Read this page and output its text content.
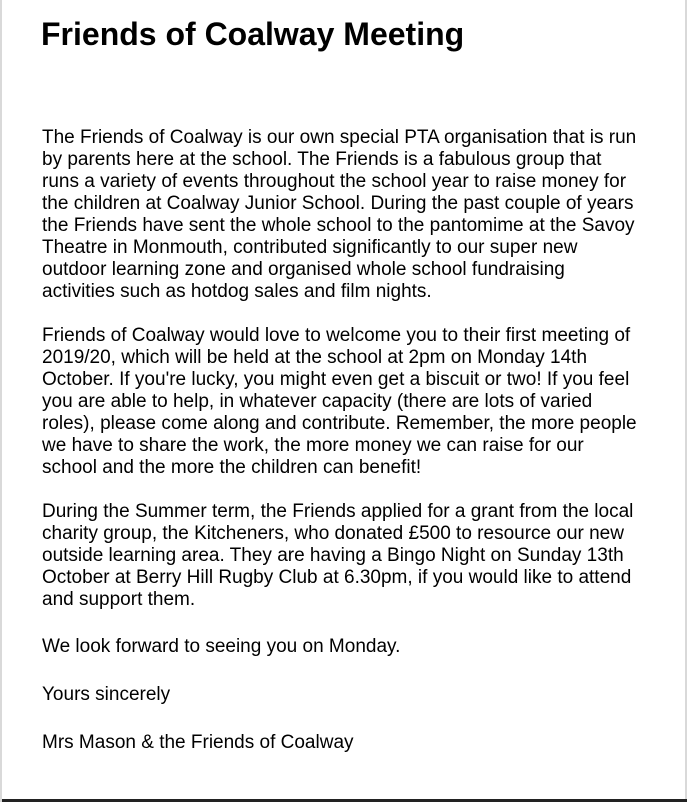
Friends of Coalway Meeting

The Friends of Coalway is our own special PTA organisation that is run by parents here at the school. The Friends is a fabulous group that runs a variety of events throughout the school year to raise money for the children at Coalway Junior School. During the past couple of years the Friends have sent the whole school to the pantomime at the Savoy Theatre in Monmouth, contributed significantly to our super new outdoor learning zone and organised whole school fundraising activities such as hotdog sales and film nights.

Friends of Coalway would love to welcome you to their first meeting of 2019/20, which will be held at the school at 2pm on Monday 14th October. If you're lucky, you might even get a biscuit or two! If you feel you are able to help, in whatever capacity (there are lots of varied roles), please come along and contribute. Remember, the more people we have to share the work, the more money we can raise for our school and the more the children can benefit!

During the Summer term, the Friends applied for a grant from the local charity group, the Kitcheners, who donated £500 to resource our new outside learning area. They are having a Bingo Night on Sunday 13th October at Berry Hill Rugby Club at 6.30pm, if you would like to attend and support them.

We look forward to seeing you on Monday.

Yours sincerely

Mrs Mason & the Friends of Coalway
